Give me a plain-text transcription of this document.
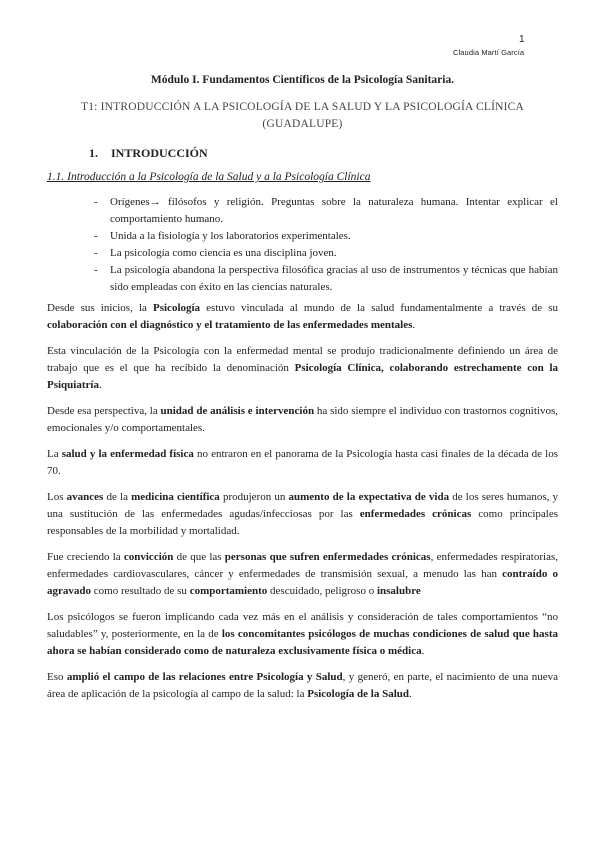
1
Claudia Martí García
Módulo I. Fundamentos Científicos de la Psicología Sanitaria.
T1: INTRODUCCIÓN A LA PSICOLOGÍA DE LA SALUD Y LA PSICOLOGÍA CLÍNICA (GUADALUPE)
1. INTRODUCCIÓN
1.1. Introducción a la Psicología de la Salud y a la Psicología Clínica
- Orígenes→ filósofos y religión. Preguntas sobre la naturaleza humana. Intentar explicar el comportamiento humano.
- Unida a la fisiología y los laboratorios experimentales.
- La psicología como ciencia es una disciplina joven.
- La psicología abandona la perspectiva filosófica gracias al uso de instrumentos y técnicas que habían sido empleadas con éxito en las ciencias naturales.

Desde sus inicios, la Psicología estuvo vinculada al mundo de la salud fundamentalmente a través de su colaboración con el diagnóstico y el tratamiento de las enfermedades mentales.

Esta vinculación de la Psicología con la enfermedad mental se produjo tradicionalmente definiendo un área de trabajo que es el que ha recibido la denominación Psicología Clínica, colaborando estrechamente con la Psiquiatría.

Desde esa perspectiva, la unidad de análisis e intervención ha sido siempre el individuo con trastornos cognitivos, emocionales y/o comportamentales.

La salud y la enfermedad física no entraron en el panorama de la Psicología hasta casi finales de la década de los 70.

Los avances de la medicina científica produjeron un aumento de la expectativa de vida de los seres humanos, y una sustitución de las enfermedades agudas/infecciosas por las enfermedades crónicas como principales responsables de la morbilidad y mortalidad.

Fue creciendo la convicción de que las personas que sufren enfermedades crónicas, enfermedades respiratorias, enfermedades cardiovasculares, cáncer y enfermedades de transmisión sexual, a menudo las han contraído o agravado como resultado de su comportamiento descuidado, peligroso o insalubre

Los psicólogos se fueron implicando cada vez más en el análisis y consideración de tales comportamientos “no saludables” y, posteriormente, en la de los concomitantes psicólogos de muchas condiciones de salud que hasta ahora se habían considerado como de naturaleza exclusivamente física o médica.

Eso amplió el campo de las relaciones entre Psicología y Salud, y generó, en parte, el nacimiento de una nueva área de aplicación de la psicología al campo de la salud: la Psicología de la Salud.
